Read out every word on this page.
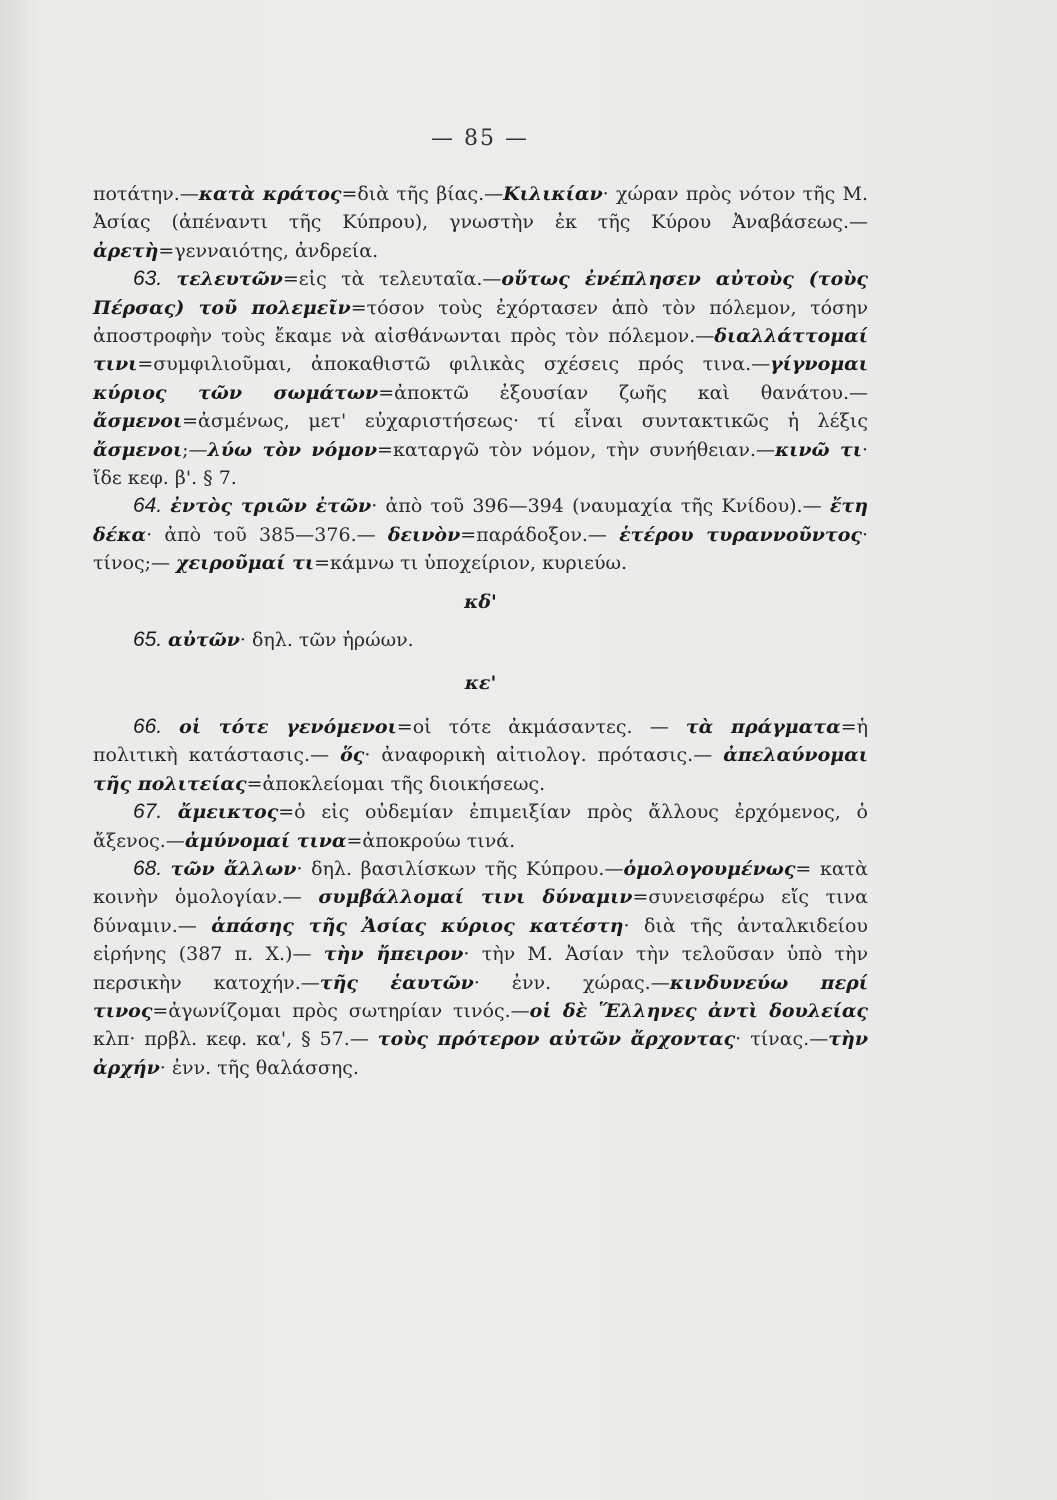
— 85 —

ποτάτην.—κατὰ κράτος=διὰ τῆς βίας.—Κιλικίαν· χώραν πρὸς νότον τῆς Μ. Ἀσίας (ἀπέναντι τῆς Κύπρου), γνωστὴν ἐκ τῆς Κύρου Ἀναβάσεως.—ἀρετὴ=γενναιότης, ἀνδρεία.

63. τελευτῶν=εἰς τὰ τελευταῖα.—οὕτως ἐνέπλησεν αὐτοὺς (τοὺς Πέρσας) τοῦ πολεμεῖν=τόσον τοὺς ἐχόρτασεν ἀπὸ τὸν πόλεμον, τόσην ἀποστροφὴν τοὺς ἔκαμε νὰ αἰσθάνωνται πρὸς τὸν πόλεμον.—διαλλάττομαί τινι=συμφιλιοῦμαι, ἀποκαθιστῶ φιλικὰς σχέσεις πρός τινα.—γίγνομαι κύριος τῶν σωμάτων=ἀποκτῶ ἐξουσίαν ζωῆς καὶ θανάτου.—ἄσμενοι=ἀσμένως, μετ' εὐχαριστήσεως· τί εἶναι συντακτικῶς ἡ λέξις ἄσμενοι;—λύω τὸν νόμον=καταργῶ τὸν νόμον, τὴν συνήθειαν.—κινῶ τι· ἴδε κεφ. β'. § 7.

64. ἐντὸς τριῶν ἐτῶν· ἀπὸ τοῦ 396—394 (ναυμαχία τῆς Κνίδου).— ἔτη δέκα· ἀπὸ τοῦ 385—376.— δεινὸν=παράδοξον.— ἑτέρου τυραννοῦντος· τίνος;— χειροῦμαί τι=κάμνω τι ὑποχείριον, κυριεύω.

κδ'

65. αὐτῶν· δηλ. τῶν ἡρώων.

κε'

66. οἱ τότε γενόμενοι=οἱ τότε ἀκμάσαντες. — τὰ πράγματα=ἡ πολιτικὴ κατάστασις.— ὅς· ἀναφορικὴ αἰτιολογ. πρότασις.— ἀπελαύνομαι τῆς πολιτείας=ἀποκλείομαι τῆς διοικήσεως.

67. ἄμεικτος=ὁ εἰς οὐδεμίαν ἐπιμειξίαν πρὸς ἄλλους ἐρχόμενος, ὁ ἄξενος.—ἀμύνομαί τινα=ἀποκρούω τινά.

68. τῶν ἄλλων· δηλ. βασιλίσκων τῆς Κύπρου.—ὁμολογουμένως= κατὰ κοινὴν ὁμολογίαν.— συμβάλλομαί τινι δύναμιν=συνεισφέρω εἴς τινα δύναμιν.— ἁπάσης τῆς Ἀσίας κύριος κατέστη· διὰ τῆς ἀνταλκιδείου εἰρήνης (387 π. Χ.)— τὴν ἤπειρον· τὴν Μ. Ἀσίαν τὴν τελοῦσαν ὑπὸ τὴν περσικὴν κατοχήν.—τῆς ἑαυτῶν· ἐνν. χώρας.—κινδυνεύω περί τινος=ἀγωνίζομαι πρὸς σωτηρίαν τινός.—οἱ δὲ Ἕλληνες ἀντὶ δουλείας κλπ· πρβλ. κεφ. κα', § 57.— τοὺς πρότερον αὐτῶν ἄρχοντας· τίνας.—τὴν ἀρχήν· ἐνν. τῆς θαλάσσης.
